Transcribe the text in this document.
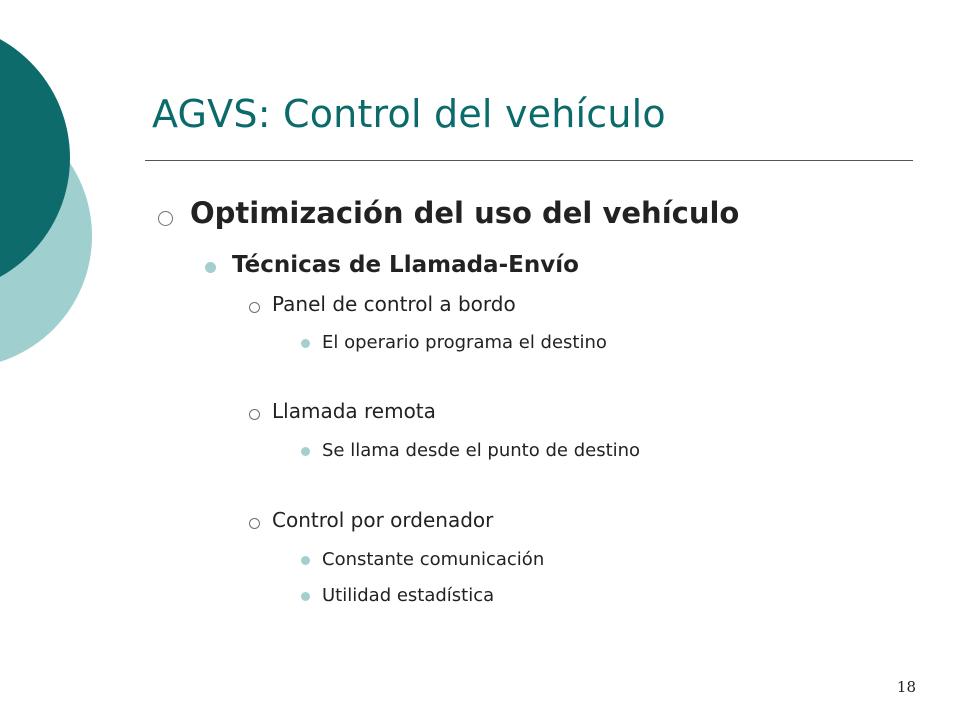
AGVS: Control del vehículo
Optimización del uso del vehículo
Técnicas de Llamada-Envío
Panel de control a bordo
El operario programa el destino
Llamada remota
Se llama desde el punto de destino
Control por ordenador
Constante comunicación
Utilidad estadística
18
